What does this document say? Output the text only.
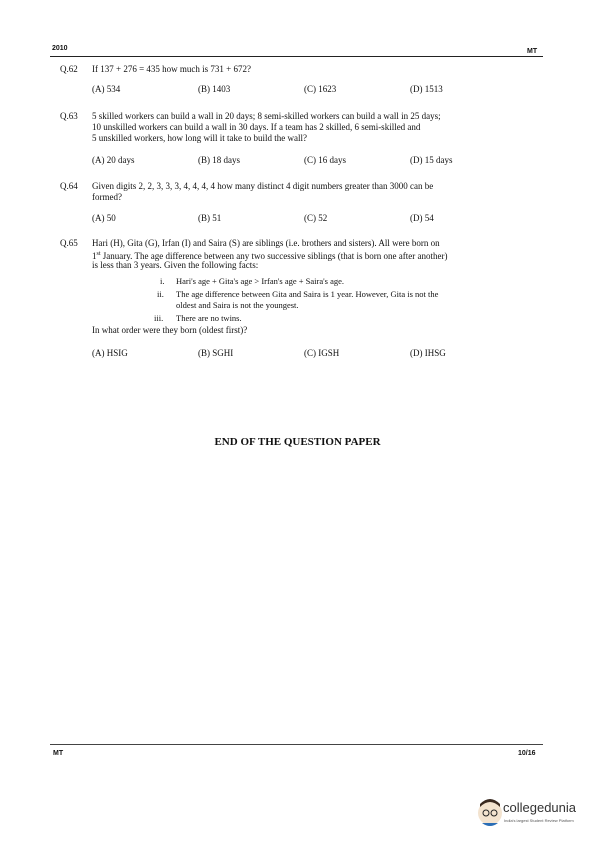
2010	MT
Q.62 If 137 + 276 = 435 how much is 731 + 672?
(A) 534	(B) 1403	(C) 1623	(D) 1513
Q.63 5 skilled workers can build a wall in 20 days; 8 semi-skilled workers can build a wall in 25 days;
10 unskilled workers can build a wall in 30 days. If a team has 2 skilled, 6 semi-skilled and
5 unskilled workers, how long will it take to build the wall?
(A) 20 days	(B) 18 days	(C) 16 days	(D) 15 days
Q.64 Given digits 2, 2, 3, 3, 3, 4, 4, 4, 4 how many distinct 4 digit numbers greater than 3000 can be
formed?
(A) 50	(B) 51	(C) 52	(D) 54
Q.65 Hari (H), Gita (G), Irfan (I) and Saira (S) are siblings (i.e. brothers and sisters). All were born on
1st January. The age difference between any two successive siblings (that is born one after another)
is less than 3 years. Given the following facts:
i. Hari's age + Gita's age > Irfan's age + Saira's age.
ii. The age difference between Gita and Saira is 1 year. However, Gita is not the
oldest and Saira is not the youngest.
iii. There are no twins.
In what order were they born (oldest first)?
(A) HSIG	(B) SGHI	(C) IGSH	(D) IHSG
END OF THE QUESTION PAPER
MT	10/16
collegedunia
India's largest Student Review Platform
